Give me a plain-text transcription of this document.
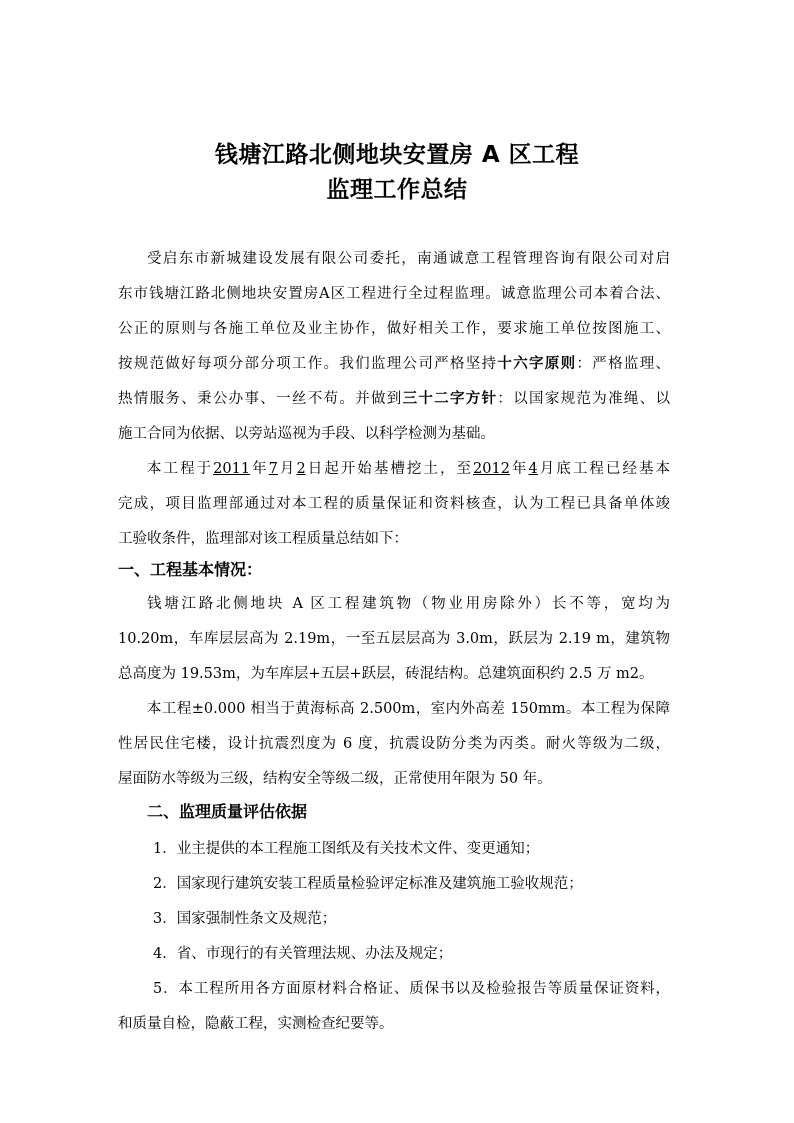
钱塘江路北侧地块安置房 A 区工程
监理工作总结
受启东市新城建设发展有限公司委托，南通诚意工程管理咨询有限公司对启
东市钱塘江路北侧地块安置房A区工程进行全过程监理。诚意监理公司本着合法、
公正的原则与各施工单位及业主协作，做好相关工作，要求施工单位按图施工、
按规范做好每项分部分项工作。我们监理公司严格坚持十六字原则：严格监理、
热情服务、秉公办事、一丝不苟。并做到三十二字方针：以国家规范为准绳、以
施工合同为依据、以旁站巡视为手段、以科学检测为基础。
本工程于2011年7月2日起开始基槽挖土，至2012年4月底工程已经基本
完成，项目监理部通过对本工程的质量保证和资料核查，认为工程已具备单体竣
工验收条件，监理部对该工程质量总结如下：
一、工程基本情况：
钱塘江路北侧地块 A 区工程建筑物（物业用房除外）长不等，宽均为
10.20m，车库层层高为 2.19m，一至五层层高为 3.0m，跃层为 2.19 m，建筑物
总高度为 19.53m，为车库层+五层+跃层，砖混结构。总建筑面积约 2.5 万 m2。
本工程±0.000 相当于黄海标高 2.500m，室内外高差 150mm。本工程为保障
性居民住宅楼，设计抗震烈度为 6 度，抗震设防分类为丙类。耐火等级为二级，
屋面防水等级为三级，结构安全等级二级，正常使用年限为 50 年。
二、监理质量评估依据
1．业主提供的本工程施工图纸及有关技术文件、变更通知；
2．国家现行建筑安装工程质量检验评定标准及建筑施工验收规范；
3．国家强制性条文及规范；
4．省、市现行的有关管理法规、办法及规定；
5．本工程所用各方面原材料合格证、质保书以及检验报告等质量保证资料，
和质量自检，隐蔽工程，实测检查纪要等。
